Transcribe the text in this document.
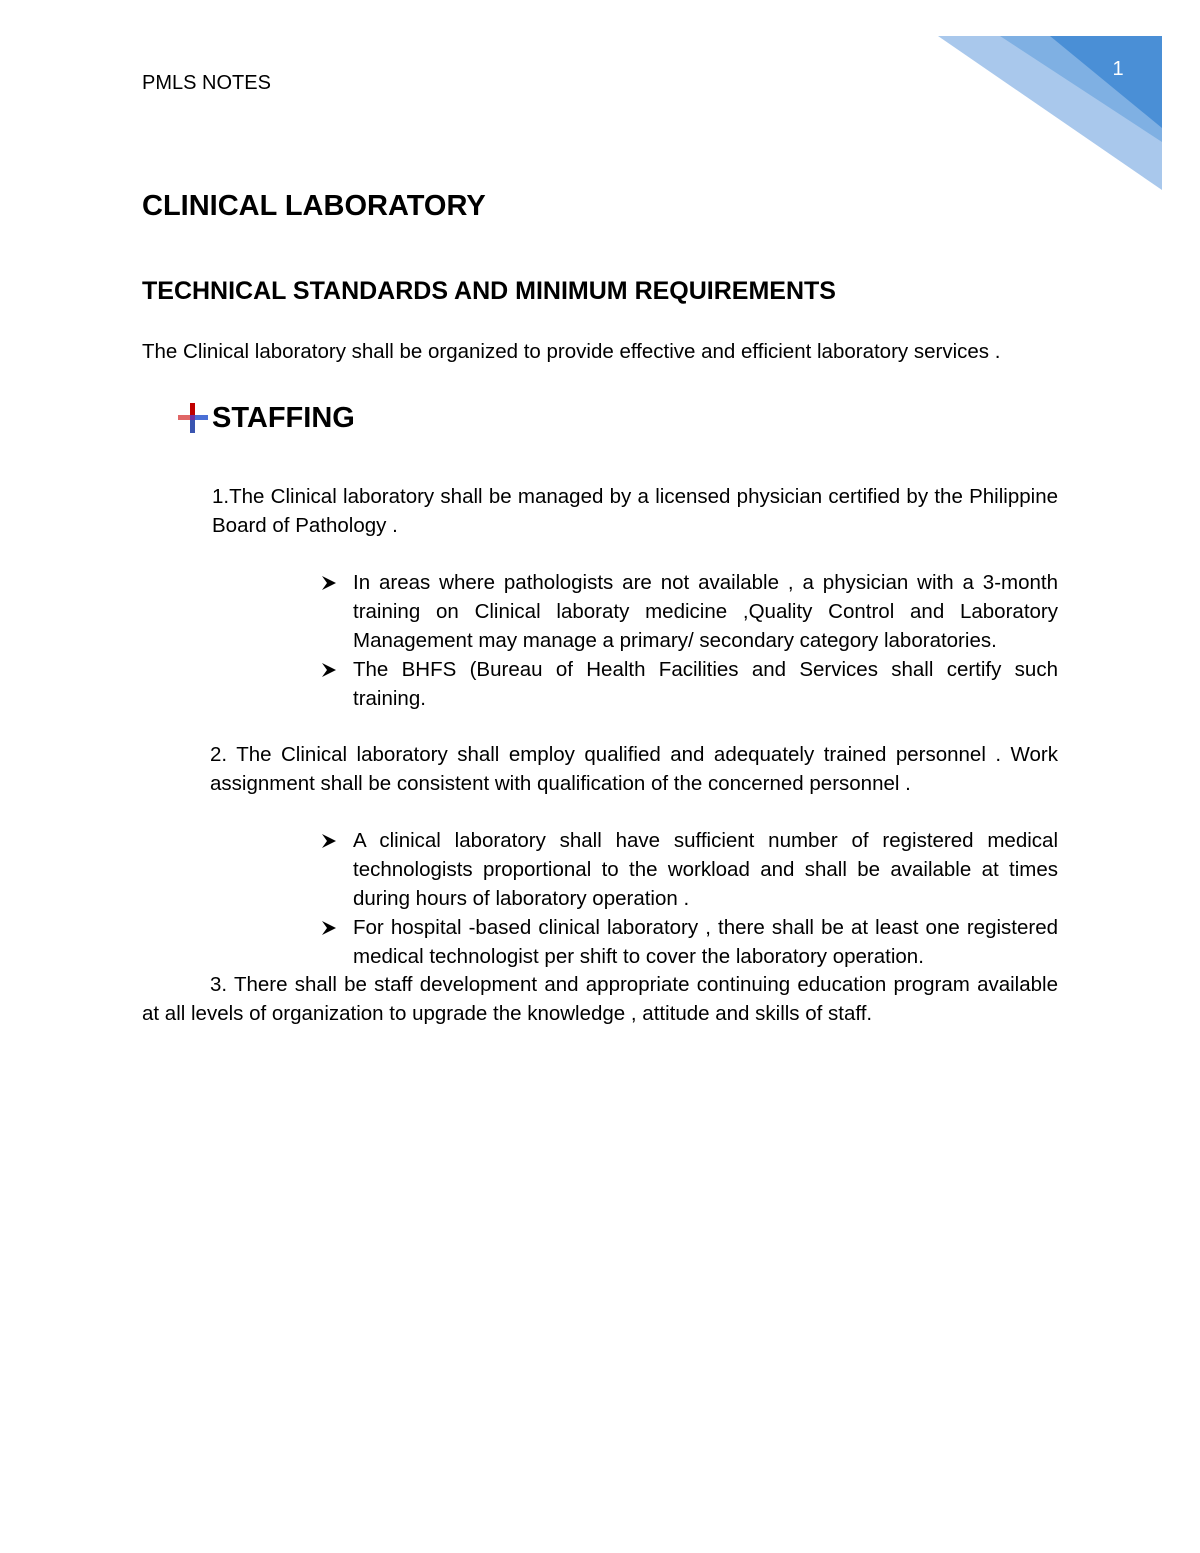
PMLS NOTES
1
CLINICAL LABORATORY
TECHNICAL STANDARDS AND MINIMUM REQUIREMENTS
The Clinical laboratory shall be organized to provide effective and efficient laboratory services .
STAFFING
1.The Clinical laboratory shall be managed by a licensed physician certified by the Philippine Board of Pathology .
In areas where pathologists are not available , a physician with a 3-month training on Clinical laboraty medicine ,Quality Control and Laboratory Management may manage a primary/ secondary category laboratories.
The BHFS (Bureau of Health Facilities and Services shall certify such training.
2. The Clinical laboratory shall employ qualified and adequately trained personnel . Work assignment shall be consistent with qualification of the concerned personnel .
A clinical laboratory shall have sufficient number of registered medical technologists proportional to the workload and shall be available at times during hours of laboratory operation .
For hospital -based clinical laboratory , there shall be at least one registered medical technologist per shift to cover the laboratory operation.
3. There shall be staff development and appropriate continuing education program available at all levels of organization to upgrade the knowledge , attitude and skills of staff.
